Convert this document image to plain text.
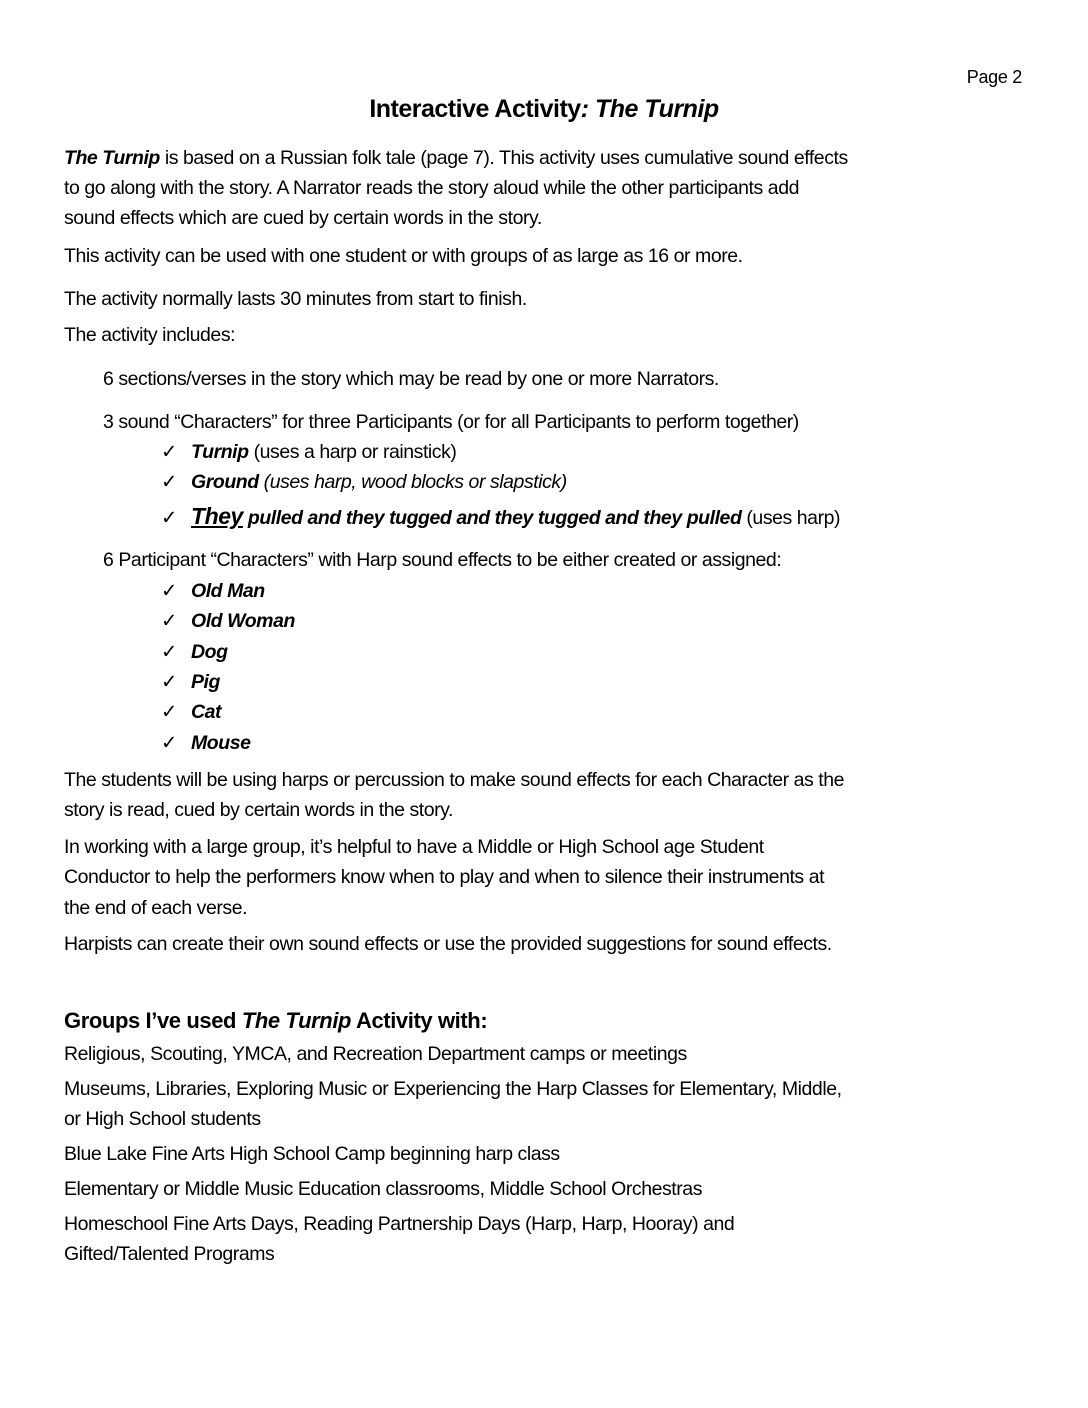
Page 2
Interactive Activity: The Turnip
The Turnip is based on a Russian folk tale (page 7). This activity uses cumulative sound effects
to go along with the story. A Narrator reads the story aloud while the other participants add
sound effects which are cued by certain words in the story.
This activity can be used with one student or with groups of as large as 16 or more.
The activity normally lasts 30 minutes from start to finish.
The activity includes:
6 sections/verses in the story which may be read by one or more Narrators.
3 sound “Characters” for three Participants (or for all Participants to perform together)
✓ Turnip (uses a harp or rainstick)
✓ Ground (uses harp, wood blocks or slapstick)
✓ They pulled and they tugged and they tugged and they pulled (uses harp)
6 Participant “Characters” with Harp sound effects to be either created or assigned:
✓ Old Man
✓ Old Woman
✓ Dog
✓ Pig
✓ Cat
✓ Mouse
The students will be using harps or percussion to make sound effects for each Character as the
story is read, cued by certain words in the story.
In working with a large group, it’s helpful to have a Middle or High School age Student
Conductor to help the performers know when to play and when to silence their instruments at
the end of each verse.
Harpists can create their own sound effects or use the provided suggestions for sound effects.
Groups I’ve used The Turnip Activity with:
Religious, Scouting, YMCA, and Recreation Department camps or meetings
Museums, Libraries, Exploring Music or Experiencing the Harp Classes for Elementary, Middle,
or High School students
Blue Lake Fine Arts High School Camp beginning harp class
Elementary or Middle Music Education classrooms, Middle School Orchestras
Homeschool Fine Arts Days, Reading Partnership Days (Harp, Harp, Hooray) and
Gifted/Talented Programs
